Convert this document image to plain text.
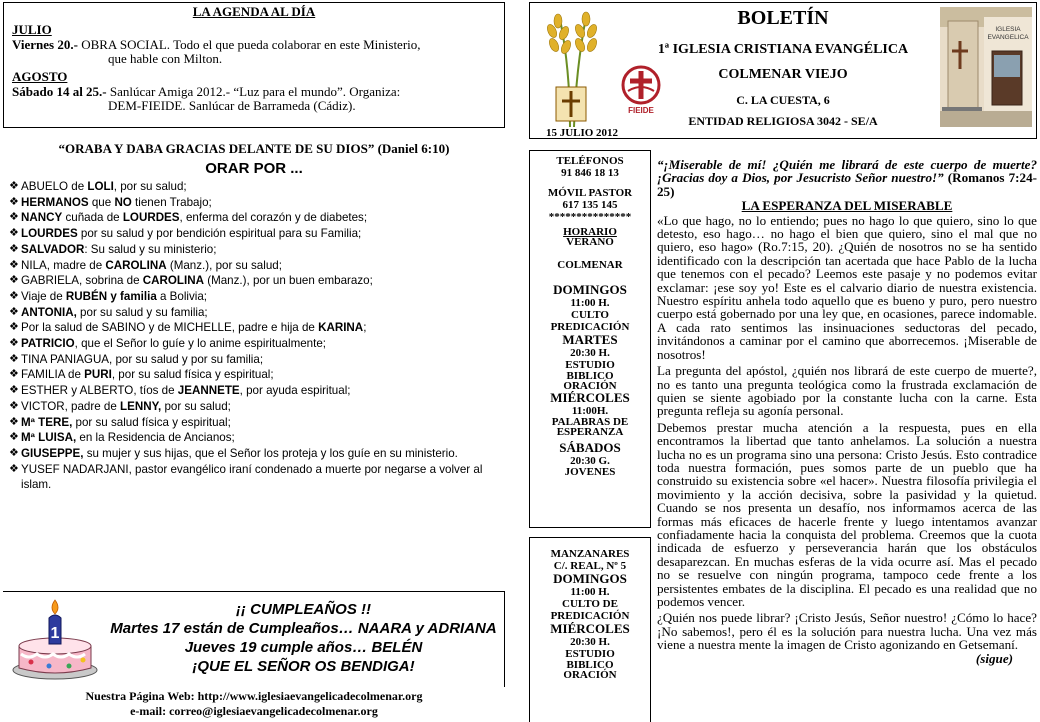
LA AGENDA AL DÍA
JULIO
Viernes 20.- OBRA SOCIAL. Todo el que pueda colaborar en este Ministerio,
que hable con Milton.
AGOSTO
Sábado 14 al 25.- Sanlúcar Amiga 2012.- “Luz para el mundo”. Organiza:
DEM-FIEIDE. Sanlúcar de Barrameda (Cádiz).
“ORABA Y DABA GRACIAS DELANTE DE SU DIOS” (Daniel 6:10)
ORAR POR ...
❖ ABUELO de LOLI, por su salud;
❖ HERMANOS que NO tienen Trabajo;
❖ NANCY cuñada de LOURDES, enferma del corazón y de diabetes;
❖ LOURDES por su salud y por bendición espiritual para su Familia;
❖ SALVADOR: Su salud y su ministerio;
❖ NILA, madre de CAROLINA (Manz.), por su salud;
❖ GABRIELA, sobrina de CAROLINA (Manz.), por un buen embarazo;
❖ Viaje de RUBÉN y familia a Bolivia;
❖ ANTONIA, por su salud y su familia;
❖ Por la salud de SABINO y de MICHELLE, padre e hija de KARINA;
❖ PATRICIO, que el Señor lo guíe y lo anime espiritualmente;
❖ TINA PANIAGUA, por su salud y por su familia;
❖ FAMILIA de PURI, por su salud física y espiritual;
❖ ESTHER y ALBERTO, tíos de JEANNETE, por ayuda espiritual;
❖ VICTOR, padre de LENNY, por su salud;
❖ Mª TERE, por su salud física y espiritual;
❖ Mª LUISA, en la Residencia de Ancianos;
❖ GIUSEPPE, su mujer y sus hijas, que el Señor los proteja y los guíe en su ministerio.
❖ YUSEF NADARJANI, pastor evangélico iraní condenado a muerte por negarse a volver al islam.
1
¡¡ CUMPLEAÑOS !!
Martes 17 están de Cumpleaños… NAARA y ADRIANA
Jueves 19 cumple años… BELÉN
¡QUE EL SEÑOR OS BENDIGA!
Nuestra Página Web: http://www.iglesiaevangelicadecolmenar.org
e-mail: correo@iglesiaevangelicadecolmenar.org
FIEIDE
BOLETÍN
1ª IGLESIA CRISTIANA EVANGÉLICA
COLMENAR VIEJO
C. LA CUESTA, 6
ENTIDAD RELIGIOSA 3042 - SE/A
15 JULIO 2012
IGLESIA
EVANGELICA
TELÉFONOS
91 846 18 13
MÓVIL PASTOR
617 135 145
***************
HORARIO
VERANO
COLMENAR
DOMINGOS
11:00 H.
CULTO
PREDICACIÓN
MARTES
20:30 H.
ESTUDIO
BIBLICO
ORACIÓN
MIÉRCOLES
11:00H.
PALABRAS DE
ESPERANZA
SÁBADOS
20:30 G.
JOVENES
MANZANARES
C/. REAL, Nº 5
DOMINGOS
11:00 H.
CULTO DE
PREDICACIÓN
MIÉRCOLES
20:30 H.
ESTUDIO
BIBLICO
ORACIÓN

“¡Miserable de mí! ¿Quién me librará de este cuerpo de muerte? ¡Gracias doy a Dios, por Jesucristo Señor nuestro!” (Romanos 7:24-25)

LA ESPERANZA DEL MISERABLE

«Lo que hago, no lo entiendo; pues no hago lo que quiero, sino lo que detesto, eso hago… no hago el bien que quiero, sino el mal que no quiero, eso hago» (Ro.7:15, 20). ¿Quién de nosotros no se ha sentido identificado con la descripción tan acertada que hace Pablo de la lucha que tenemos con el pecado? Leemos este pasaje y no podemos evitar exclamar: ¡ese soy yo! Este es el calvario diario de nuestra existencia. Nuestro espíritu anhela todo aquello que es bueno y puro, pero nuestro cuerpo está gobernado por una ley que, en ocasiones, parece indomable. A cada rato sentimos las insinuaciones seductoras del pecado, invitándonos a caminar por el camino que aborrecemos. ¡Miserable de nosotros!

La pregunta del apóstol, ¿quién nos librará de este cuerpo de muerte?, no es tanto una pregunta teológica como la frustrada exclamación de quien se siente agobiado por la constante lucha con la carne. Esta pregunta refleja su agonía personal.

Debemos prestar mucha atención a la respuesta, pues en ella encontramos la libertad que tanto anhelamos. La solución a nuestra lucha no es un programa sino una persona: Cristo Jesús. Esto contradice toda nuestra formación, pues somos parte de un pueblo que ha construido su existencia sobre «el hacer». Nuestra filosofía privilegia el movimiento y la acción decisiva, sobre la pasividad y la quietud. Cuando se nos presenta un desafío, nos informamos acerca de las formas más eficaces de hacerle frente y luego intentamos avanzar confiadamente hacia la conquista del problema. Creemos que la cuota indicada de esfuerzo y perseverancia harán que los obstáculos desaparezcan. En muchas esferas de la vida ocurre así. Mas el pecado no se resuelve con ningún programa, tampoco cede frente a los persistentes embates de la disciplina. El pecado es una realidad que no podemos vencer.

¿Quién nos puede librar? ¡Cristo Jesús, Señor nuestro! ¿Cómo lo hace? ¡No sabemos!, pero él es la solución para nuestra lucha. Una vez más viene a nuestra mente la imagen de Cristo agonizando en Getsemaní.
(sigue)
